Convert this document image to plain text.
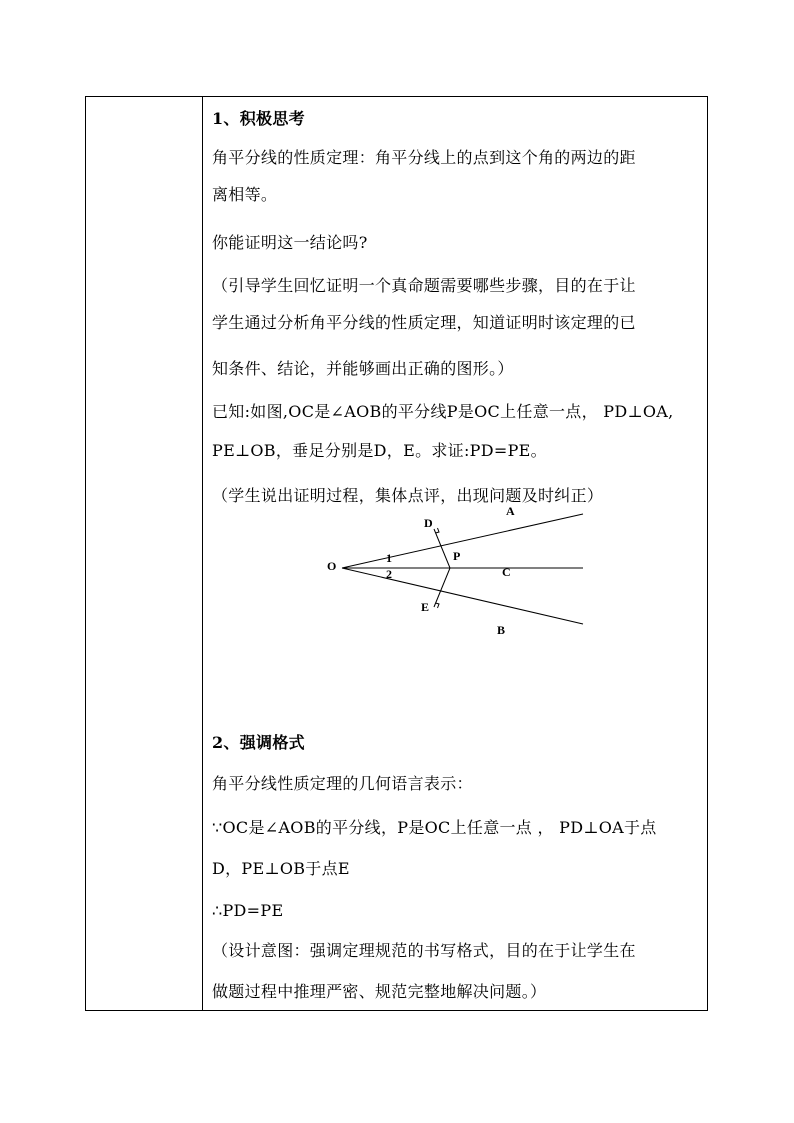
1、积极思考
角平分线的性质定理：角平分线上的点到这个角的两边的距
离相等。
你能证明这一结论吗?
（引导学生回忆证明一个真命题需要哪些步骤，目的在于让
学生通过分析角平分线的性质定理，知道证明时该定理的已
知条件、结论，并能够画出正确的图形。）
已知:如图,OC是∠AOB的平分线P是OC上任意一点， PD⊥OA,
PE⊥OB，垂足分别是D，E。求证:PD=PE。
（学生说出证明过程，集体点评，出现问题及时纠正）
A
B
C
D
E
O
P
1
2
2、强调格式
角平分线性质定理的几何语言表示：
∵OC是∠AOB的平分线，P是OC上任意一点 ， PD⊥OA于点
D，PE⊥OB于点E
∴PD=PE
（设计意图：强调定理规范的书写格式，目的在于让学生在
做题过程中推理严密、规范完整地解决问题。）
